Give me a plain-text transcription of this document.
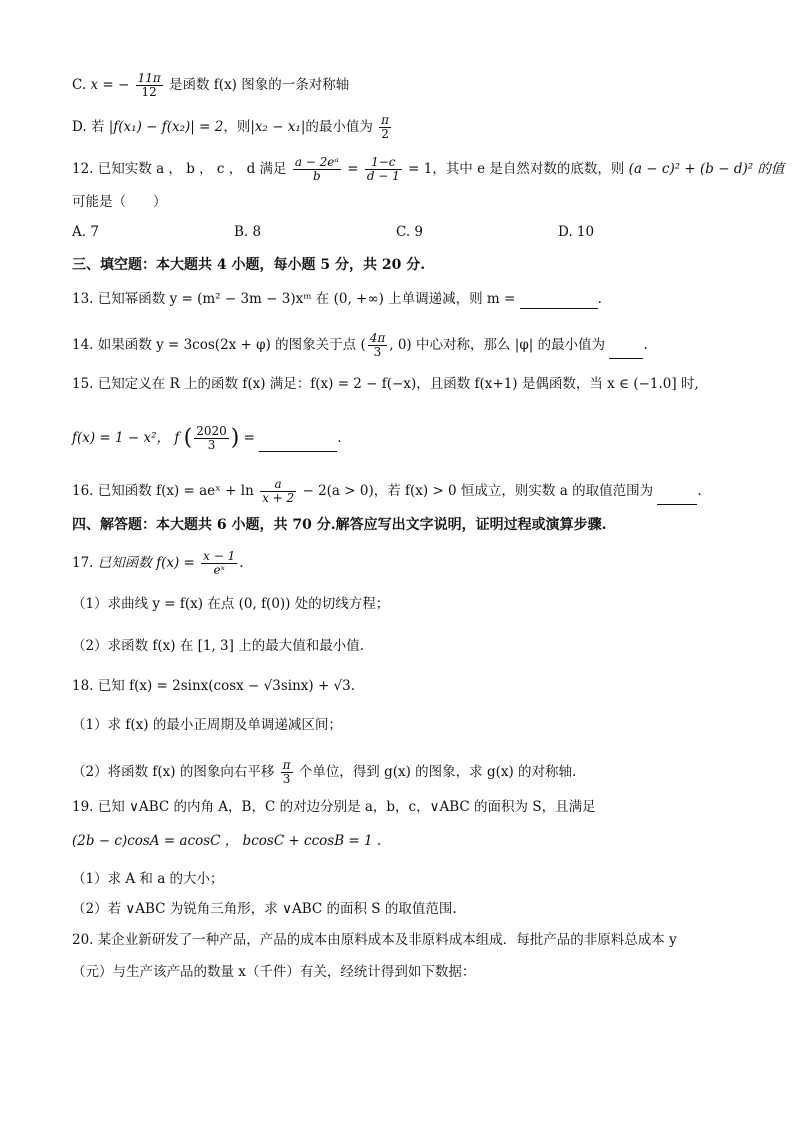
C. x = − $\frac{11\pi}{12}$ 是函数 f(x) 图象的一条对称轴
D. 若 |f(x₁) − f(x₂)| = 2，则|x₂ − x₁|的最小值为 $\frac{\pi}{2}$
12. 已知实数 a ， b ， c ， d 满足 $\frac{\text{a − 2eᵃ}}{b} = \frac{1-c}{d - 1} = 1$，其中 e 是自然对数的底数，则 (a − c)² + (b − d)² 的值
可能是（　　）
A. 7	B. 8	C. 9	D. 10
三、填空题：本大题共 4 小题，每小题 5 分，共 20 分.
13. 已知幂函数 y = (m² − 3m − 3)xᵐ 在 (0, +∞) 上单调递减，则 m =	.
14. 如果函数 y = 3cos(2x + φ) 的图象关于点 ( $\frac{4\pi}{3}$ , 0) 中心对称，那么 |φ| 的最小值为	.
15. 已知定义在 R 上的函数 f(x) 满足：f(x) = 2 − f(−x)，且函数 f(x+1) 是偶函数，当 x ∈ (−1.0] 时,
f(x) = 1 − x²， f ( $\frac{2020}{3}$ ) =	.
16. 已知函数 f(x) = aeˣ + $\ln \frac{a}{x + 2} - 2(a > 0)$，若 f(x) > 0 恒成立，则实数 a 的取值范围为	.
四、解答题：本大题共 6 小题，共 70 分.解答应写出文字说明，证明过程或演算步骤.
17. 已知函数 $f(x) = \frac{x - 1}{\text{eˣ}}$ .
（1）求曲线 y = f(x) 在点 (0, f(0)) 处的切线方程；
（2）求函数 f(x) 在 [1, 3] 上的最大值和最小值.
18. 已知 f(x) = 2sinx(cosx − √3sinx) + √3.
（1）求 f(x) 的最小正周期及单调递减区间；
（2）将函数 f(x) 的图象向右平移 $\frac{\pi}{3}$ 个单位，得到 g(x) 的图象，求 g(x) 的对称轴.
19. 已知 ∨ABC 的内角 A，B，C 的对边分别是 a，b，c，∨ABC 的面积为 S，且满足
(2b − c)cosA = acosC ， bcosC + ccosB = 1 .
（1）求 A 和 a 的大小；
（2）若 ∨ABC 为锐角三角形，求 ∨ABC 的面积 S 的取值范围.
20. 某企业新研发了一种产品，产品的成本由原料成本及非原料成本组成．每批产品的非原料总成本 y
（元）与生产该产品的数量 x（千件）有关，经统计得到如下数据：
